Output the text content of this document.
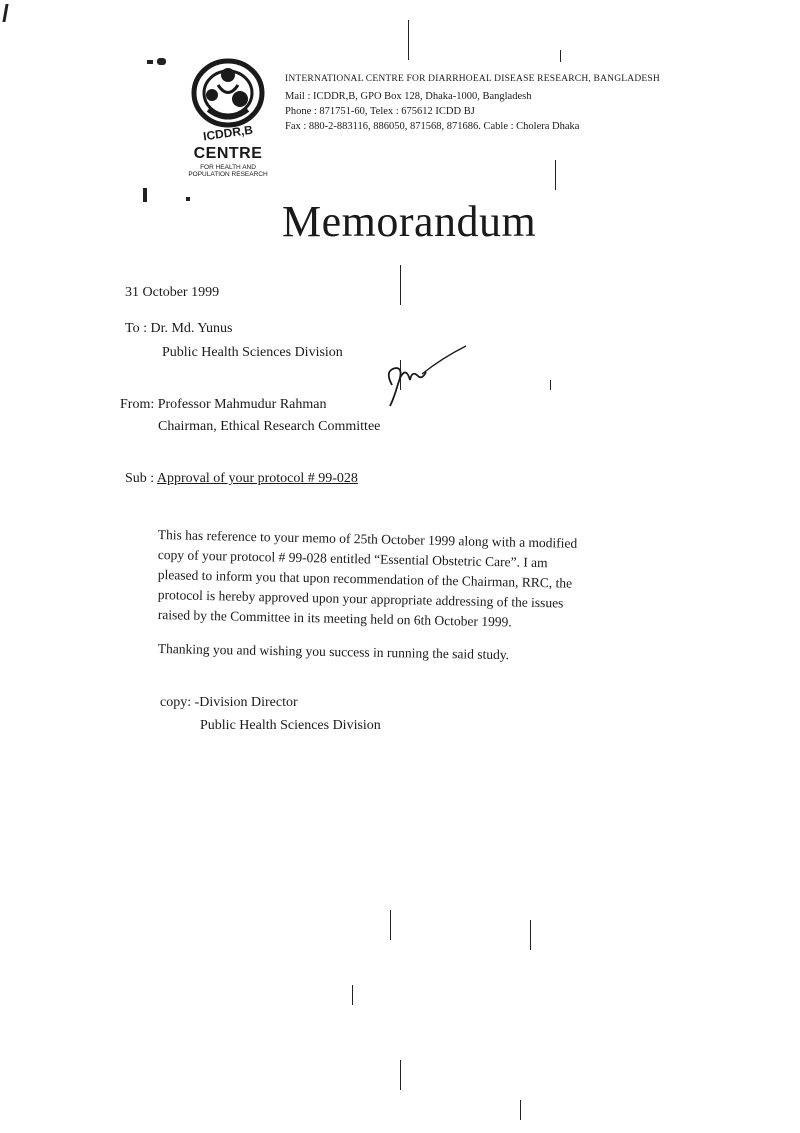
ICDDR,B
CENTRE
FOR HEALTH AND
POPULATION RESEARCH
INTERNATIONAL CENTRE FOR DIARRHOEAL DISEASE RESEARCH, BANGLADESH
Mail : ICDDR,B, GPO Box 128, Dhaka-1000, Bangladesh
Phone : 871751-60, Telex : 675612 ICDD BJ
Fax : 880-2-883116, 886050, 871568, 871686. Cable : Cholera Dhaka
Memorandum
31 October 1999
To : Dr. Md. Yunus
Public Health Sciences Division
From: Professor Mahmudur Rahman
Chairman, Ethical Research Committee
Sub : Approval of your protocol # 99-028
This has reference to your memo of 25th October 1999 along with a modified
copy of your protocol # 99-028 entitled “Essential Obstetric Care”. I am
pleased to inform you that upon recommendation of the Chairman, RRC, the
protocol is hereby approved upon your appropriate addressing of the issues
raised by the Committee in its meeting held on 6th October 1999.
Thanking you and wishing you success in running the said study.
copy: -Division Director
Public Health Sciences Division
